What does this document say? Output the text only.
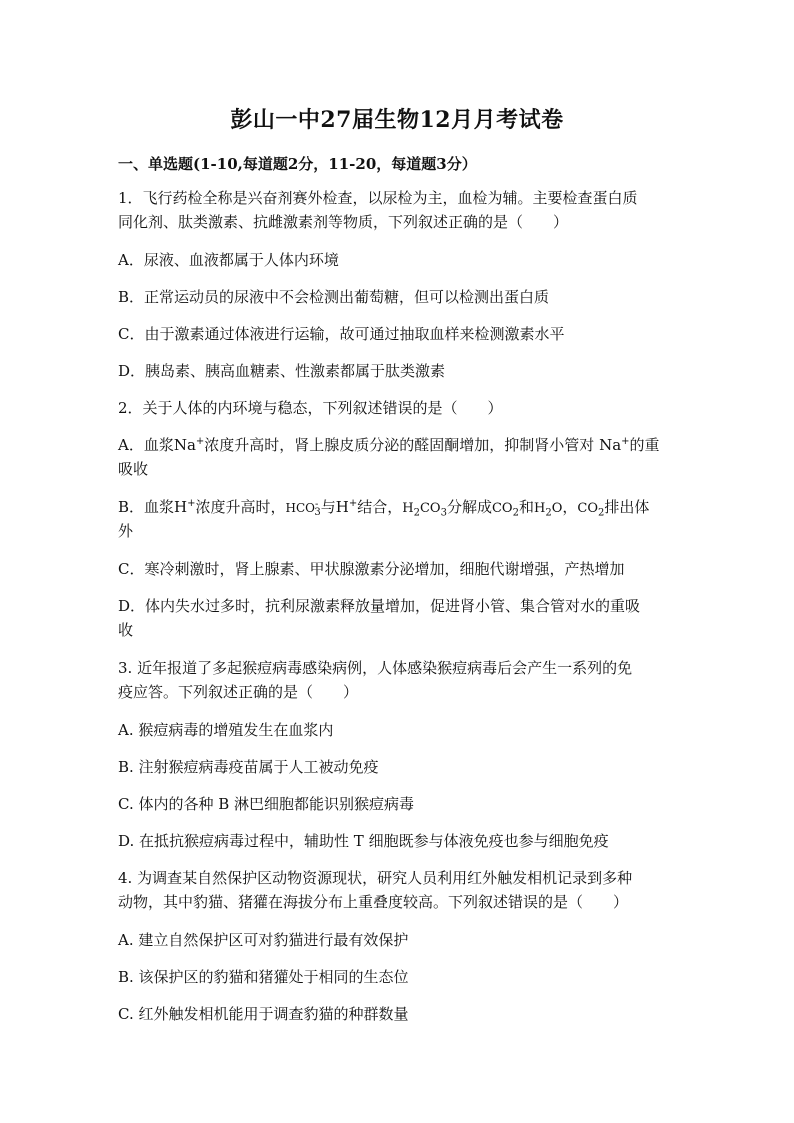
彭山一中27届生物12月月考试卷
一、单选题(1-10,每道题2分，11-20，每道题3分）
1．飞行药检全称是兴奋剂赛外检查，以尿检为主，血检为辅。主要检查蛋白质
同化剂、肽类激素、抗雌激素剂等物质，下列叙述正确的是（　　）
A．尿液、血液都属于人体内环境
B．正常运动员的尿液中不会检测出葡萄糖，但可以检测出蛋白质
C．由于激素通过体液进行运输，故可通过抽取血样来检测激素水平
D．胰岛素、胰高血糖素、性激素都属于肽类激素
2．关于人体的内环境与稳态，下列叙述错误的是（　　）
A．血浆Na+浓度升高时，肾上腺皮质分泌的醛固酮增加，抑制肾小管对 Na+的重
吸收
B．血浆H+浓度升高时，$HCO^-_3$与H+结合，$H_2CO_3$分解成$CO_2$和$H_2O$，$CO_2$排出体
外
C．寒冷刺激时，肾上腺素、甲状腺激素分泌增加，细胞代谢增强，产热增加
D．体内失水过多时，抗利尿激素释放量增加，促进肾小管、集合管对水的重吸
收
3. 近年报道了多起猴痘病毒感染病例，人体感染猴痘病毒后会产生一系列的免
疫应答。下列叙述正确的是（　　）
A. 猴痘病毒的增殖发生在血浆内
B. 注射猴痘病毒疫苗属于人工被动免疫
C. 体内的各种 B 淋巴细胞都能识别猴痘病毒
D. 在抵抗猴痘病毒过程中，辅助性 T 细胞既参与体液免疫也参与细胞免疫
4. 为调查某自然保护区动物资源现状，研究人员利用红外触发相机记录到多种
动物，其中豹猫、猪獾在海拔分布上重叠度较高。下列叙述错误的是（　　）
A. 建立自然保护区可对豹猫进行最有效保护
B. 该保护区的豹猫和猪獾处于相同的生态位
C. 红外触发相机能用于调查豹猫的种群数量
